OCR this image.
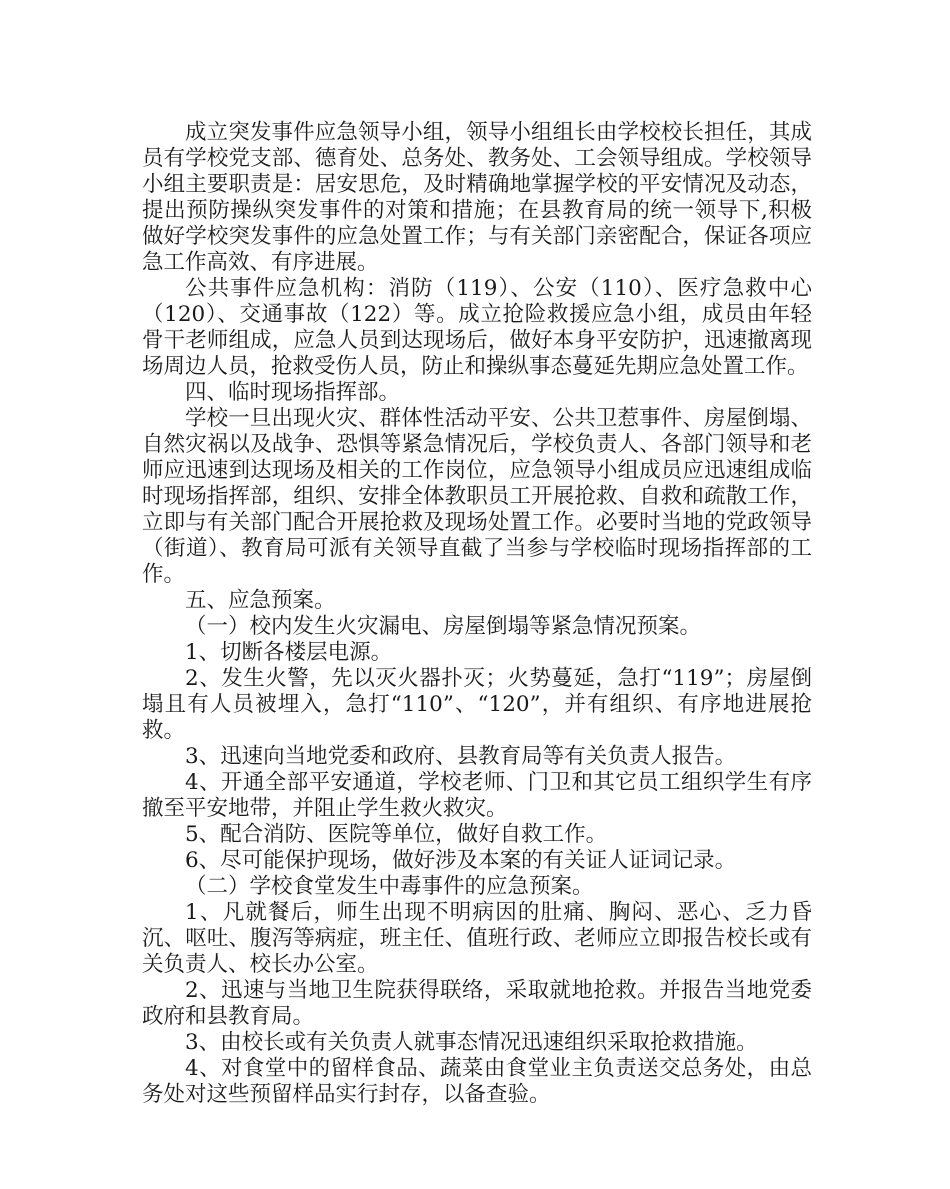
成立突发事件应急领导小组，领导小组组长由学校校长担任，其成员有学校党支部、德育处、总务处、教务处、工会领导组成。学校领导小组主要职责是：居安思危，及时精确地掌握学校的平安情况及动态，提出预防操纵突发事件的对策和措施；在县教育局的统一领导下,积极做好学校突发事件的应急处置工作；与有关部门亲密配合，保证各项应急工作高效、有序进展。

公共事件应急机构：消防（119）、公安（110）、医疗急救中心（120）、交通事故（122）等。成立抢险救援应急小组，成员由年轻骨干老师组成，应急人员到达现场后，做好本身平安防护，迅速撤离现场周边人员，抢救受伤人员，防止和操纵事态蔓延先期应急处置工作。

四、临时现场指挥部。

学校一旦出现火灾、群体性活动平安、公共卫惹事件、房屋倒塌、自然灾祸以及战争、恐惧等紧急情况后，学校负责人、各部门领导和老师应迅速到达现场及相关的工作岗位，应急领导小组成员应迅速组成临时现场指挥部，组织、安排全体教职员工开展抢救、自救和疏散工作，立即与有关部门配合开展抢救及现场处置工作。必要时当地的党政领导（街道）、教育局可派有关领导直截了当参与学校临时现场指挥部的工作。

五、应急预案。

（一）校内发生火灾漏电、房屋倒塌等紧急情况预案。

1、切断各楼层电源。

2、发生火警，先以灭火器扑灭；火势蔓延，急打“119”；房屋倒塌且有人员被埋入，急打“110”、“120”，并有组织、有序地进展抢救。

3、迅速向当地党委和政府、县教育局等有关负责人报告。

4、开通全部平安通道，学校老师、门卫和其它员工组织学生有序撤至平安地带，并阻止学生救火救灾。

5、配合消防、医院等单位，做好自救工作。

6、尽可能保护现场，做好涉及本案的有关证人证词记录。

（二）学校食堂发生中毒事件的应急预案。

1、凡就餐后，师生出现不明病因的肚痛、胸闷、恶心、乏力昏沉、呕吐、腹泻等病症，班主任、值班行政、老师应立即报告校长或有关负责人、校长办公室。

2、迅速与当地卫生院获得联络，采取就地抢救。并报告当地党委政府和县教育局。

3、由校长或有关负责人就事态情况迅速组织采取抢救措施。

4、对食堂中的留样食品、蔬菜由食堂业主负责送交总务处，由总务处对这些预留样品实行封存，以备查验。
